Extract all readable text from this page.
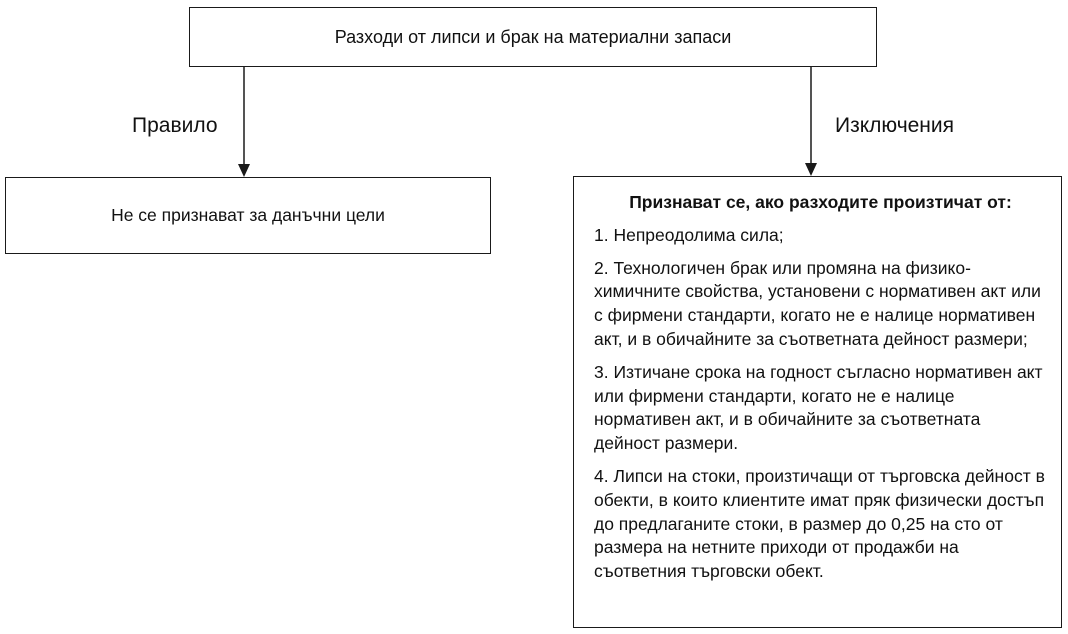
Разходи от липси и брак на материални запаси
Правило	Изключения
Не се признават за данъчни цели
Признават се, ако разходите произтичат от:
1. Непреодолима сила;
2. Технологичен брак или промяна на физико-химичните свойства, установени с нормативен акт или с фирмени стандарти, когато не е налице нормативен акт, и в обичайните за съответната дейност размери;
3. Изтичане срока на годност съгласно нормативен акт или фирмени стандарти, когато не е налице нормативен акт, и в обичайните за съответната дейност размери.
4. Липси на стоки, произтичащи от търговска дейност в обекти, в които клиентите имат пряк физически достъп до предлаганите стоки, в размер до 0,25 на сто от размера на нетните приходи от продажби на съответния търговски обект.
